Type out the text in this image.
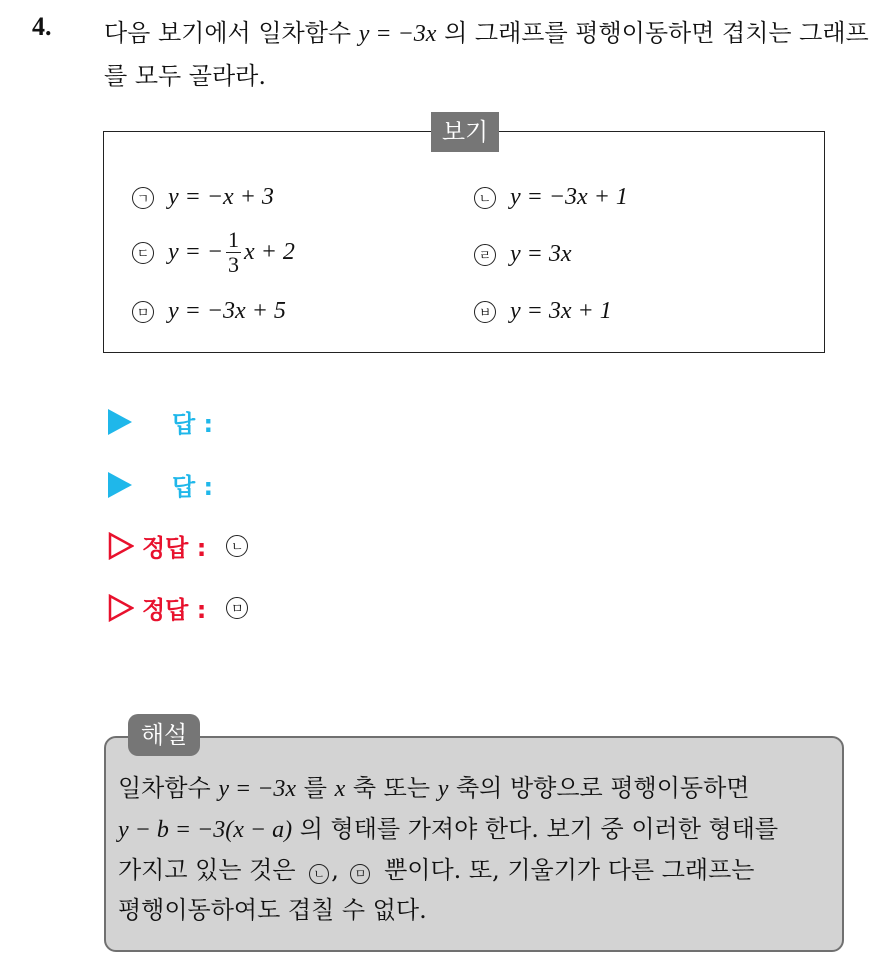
4. 다음 보기에서 일차함수 y = −3x 의 그래프를 평행이동하면 겹치는 그래프를 모두 골라라.
보기
ㄱ y = −x + 3	ㄴ y = −3x + 1
ㄷ y = − $\frac{1}{3}$ x + 2	ㄹ y = 3x
ㅁ y = −3x + 5	ㅂ y = 3x + 1
답 :
답 :
정답 :	ㄴ
정답 :	ㅁ
해설
일차함수 y = −3x 를 x 축 또는 y 축의 방향으로 평행이동하면
y − b = −3(x − a) 의 형태를 가져야 한다. 보기 중 이러한 형태를
가지고 있는 것은 ㄴ , ㅁ 뿐이다. 또, 기울기가 다른 그래프는
평행이동하여도 겹칠 수 없다.
